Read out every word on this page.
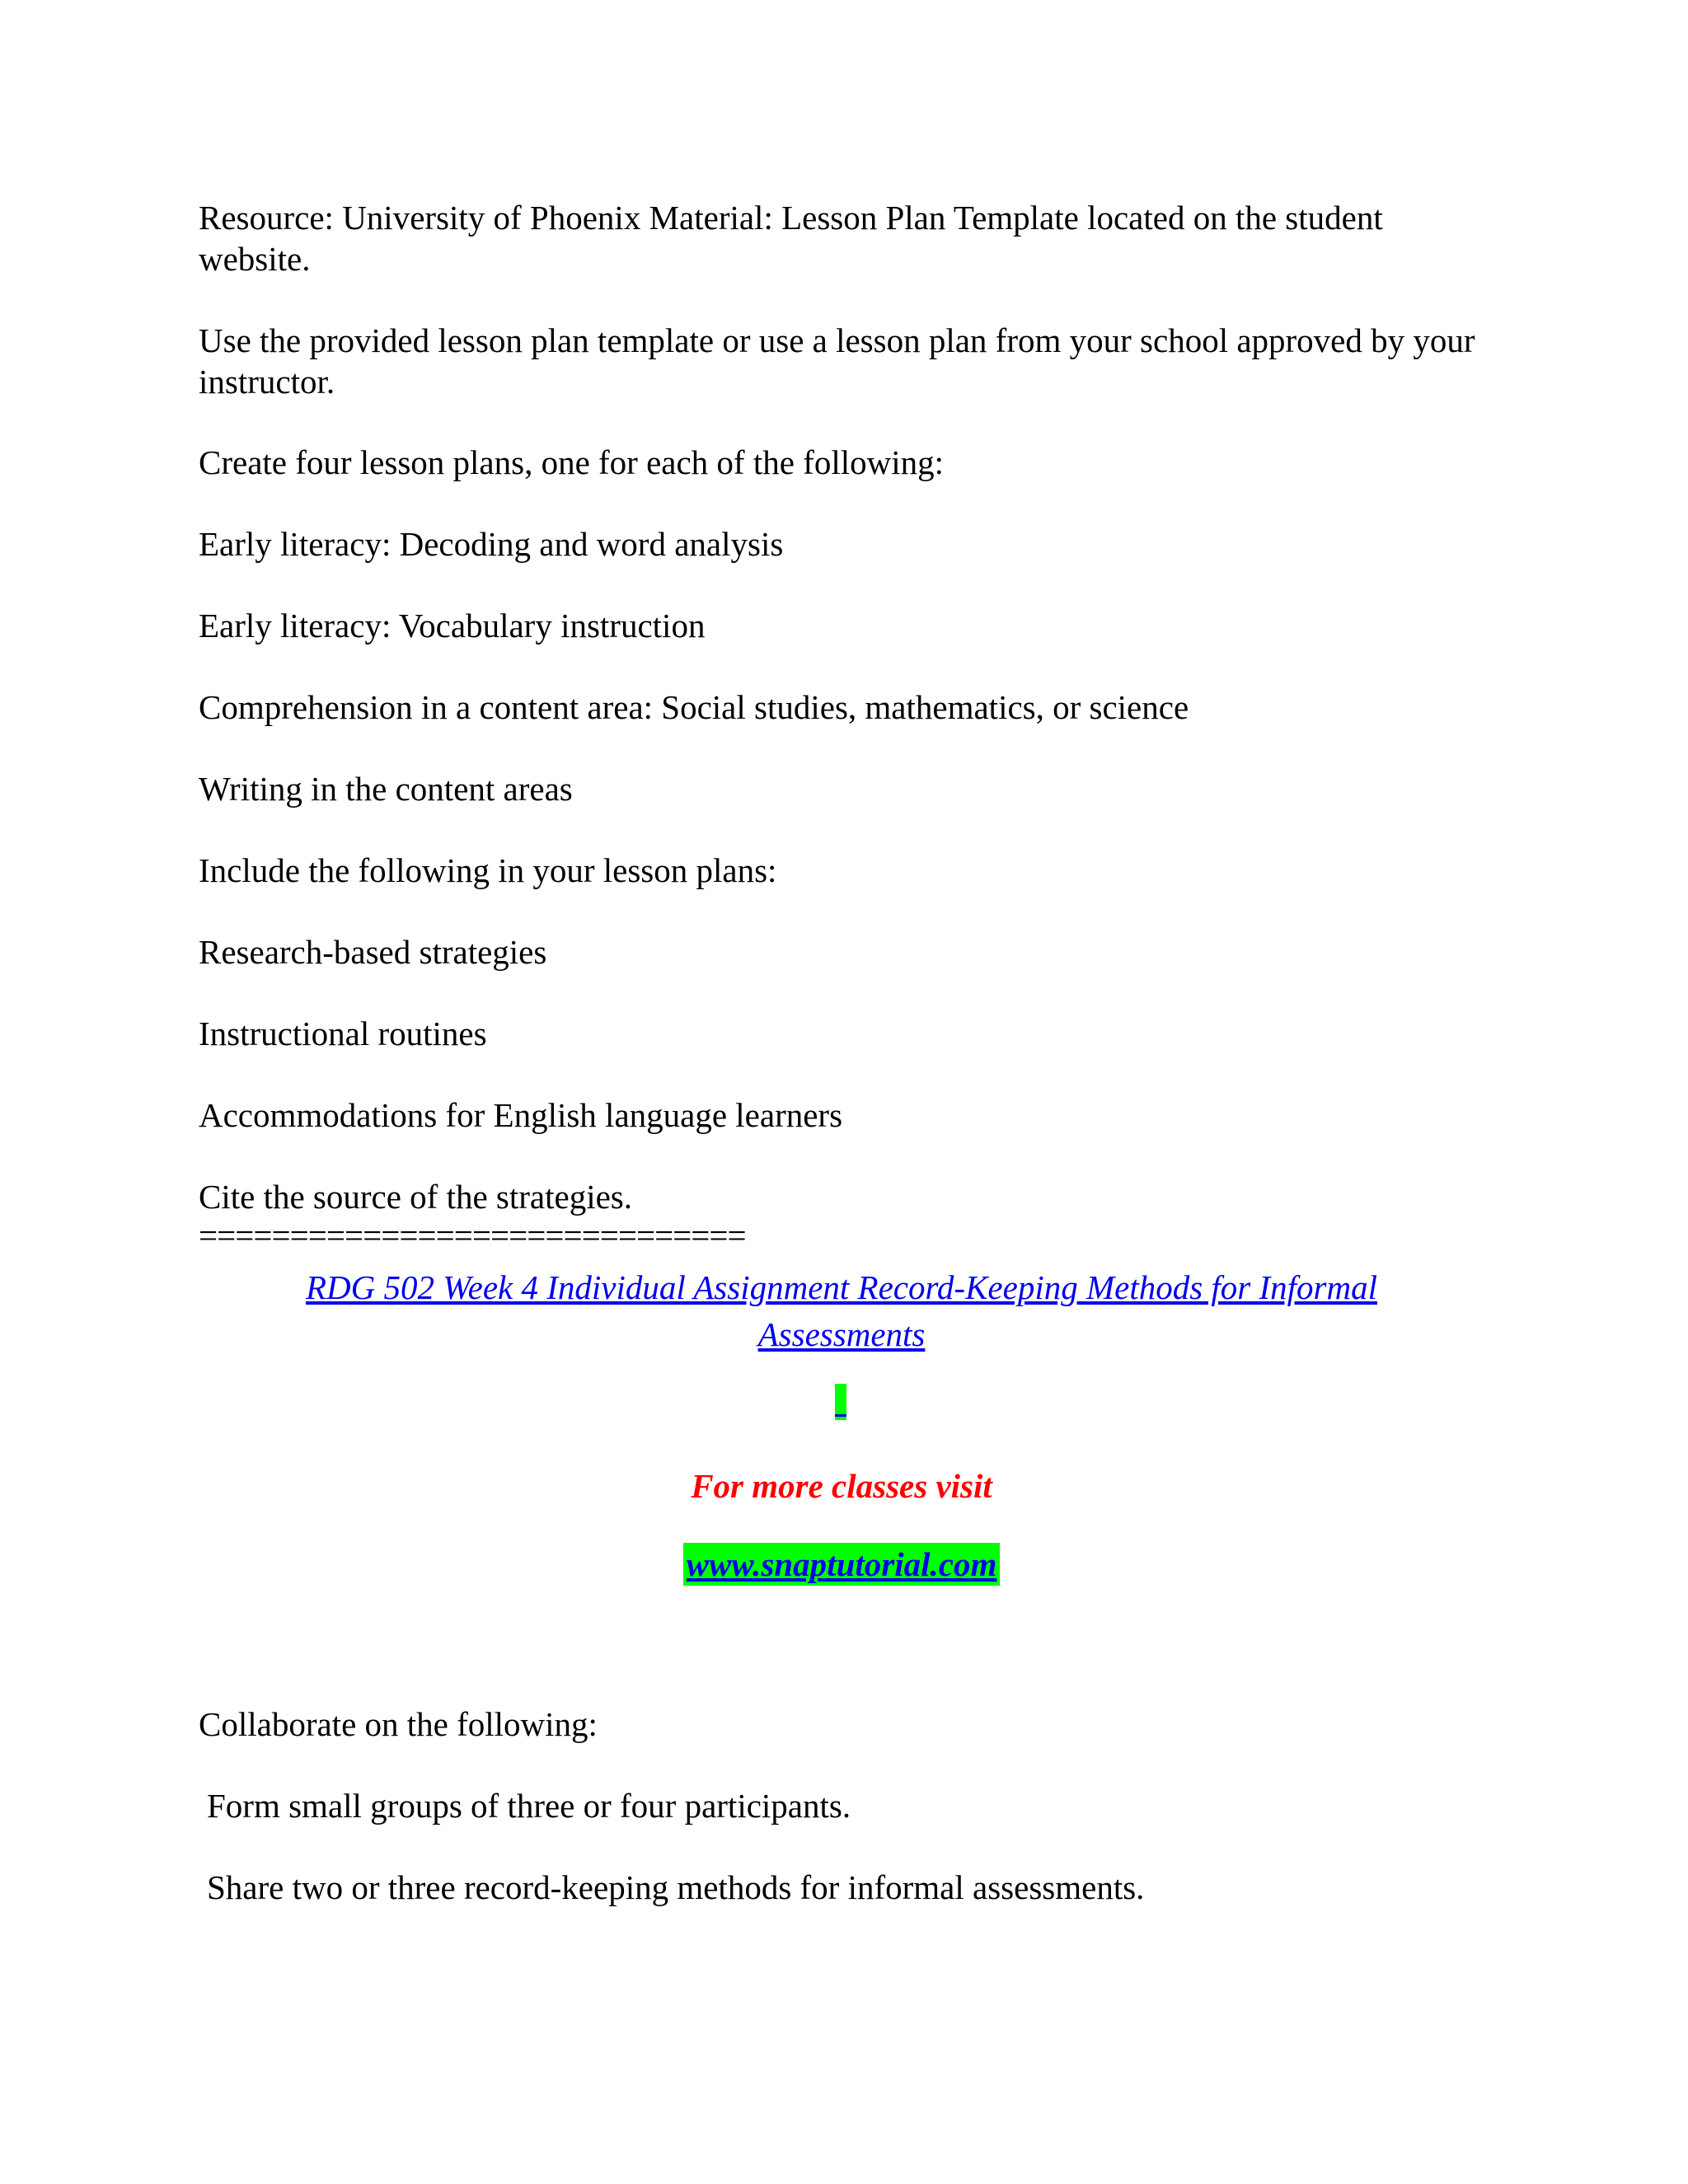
Resource: University of Phoenix Material: Lesson Plan Template located on the student website.

Use the provided lesson plan template or use a lesson plan from your school approved by your instructor.

Create four lesson plans, one for each of the following:

Early literacy: Decoding and word analysis

Early literacy: Vocabulary instruction

Comprehension in a content area: Social studies, mathematics, or science

Writing in the content areas

Include the following in your lesson plans:

Research-based strategies

Instructional routines

Accommodations for English language learners

Cite the source of the strategies.

==============================

RDG 502 Week 4 Individual Assignment Record-Keeping Methods for Informal
Assessments

For more classes visit

www.snaptutorial.com

Collaborate on the following:

Form small groups of three or four participants.

Share two or three record-keeping methods for informal assessments.
